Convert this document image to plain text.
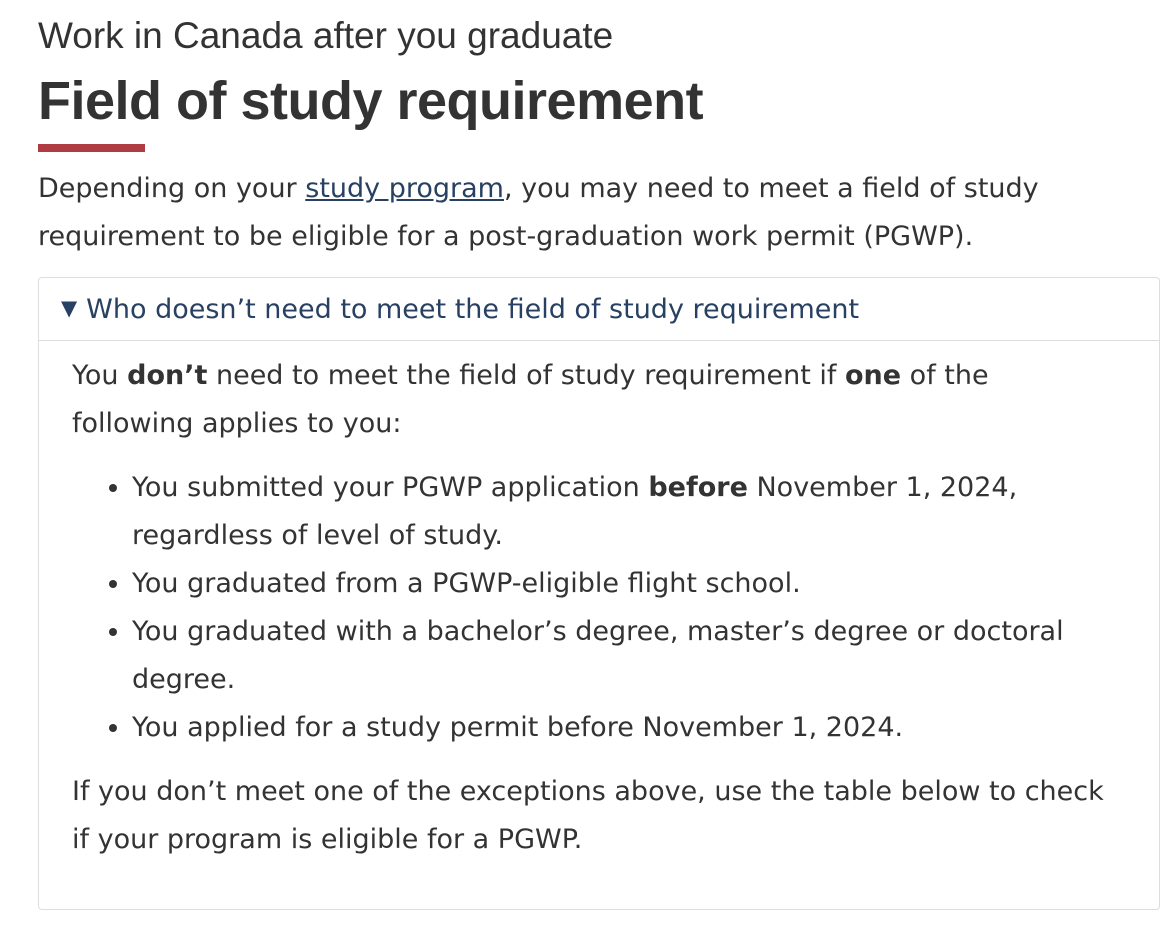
Work in Canada after you graduate
Field of study requirement

Depending on your study program, you may need to meet a field of study requirement to be eligible for a post-graduation work permit (PGWP).

▼ Who doesn’t need to meet the field of study requirement

You don’t need to meet the field of study requirement if one of the following applies to you:

• You submitted your PGWP application before November 1, 2024, regardless of level of study.
• You graduated from a PGWP-eligible flight school.
• You graduated with a bachelor’s degree, master’s degree or doctoral degree.
• You applied for a study permit before November 1, 2024.

If you don’t meet one of the exceptions above, use the table below to check if your program is eligible for a PGWP.
